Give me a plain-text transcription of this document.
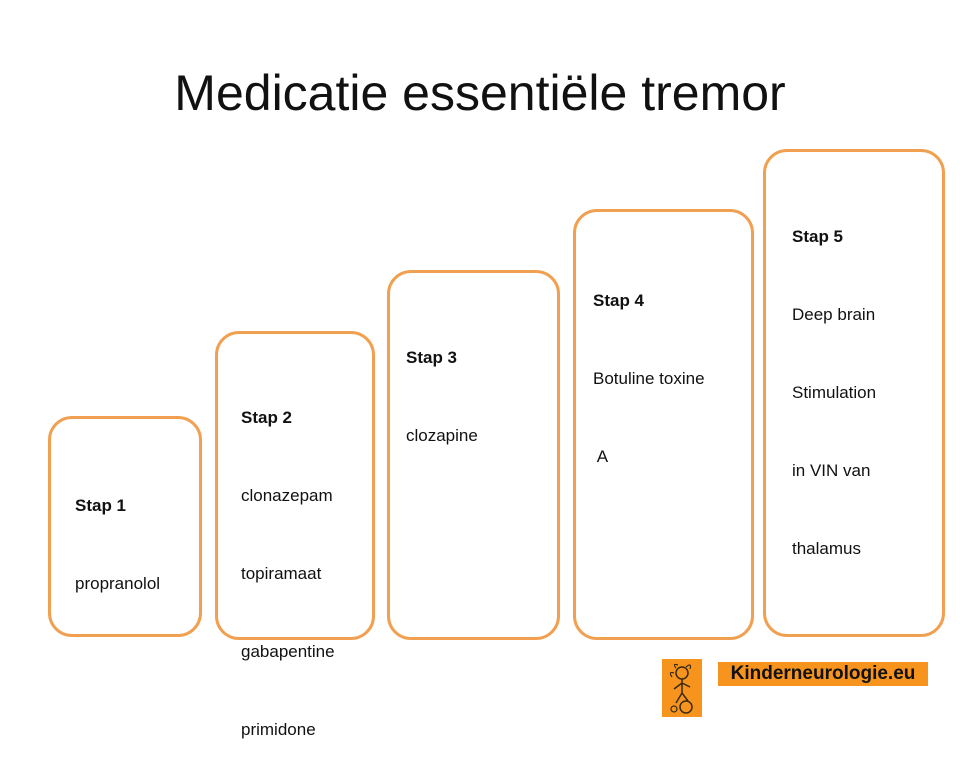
Medicatie essentiële tremor

Stap 1

propranolol

Stap 2

clonazepam

topiramaat

gabapentine

primidone

Stap 3

clozapine

Stap 4

Botuline toxine

A

Stap 5

Deep brain

Stimulation

in VIN van

thalamus

Kinderneurologie.eu
